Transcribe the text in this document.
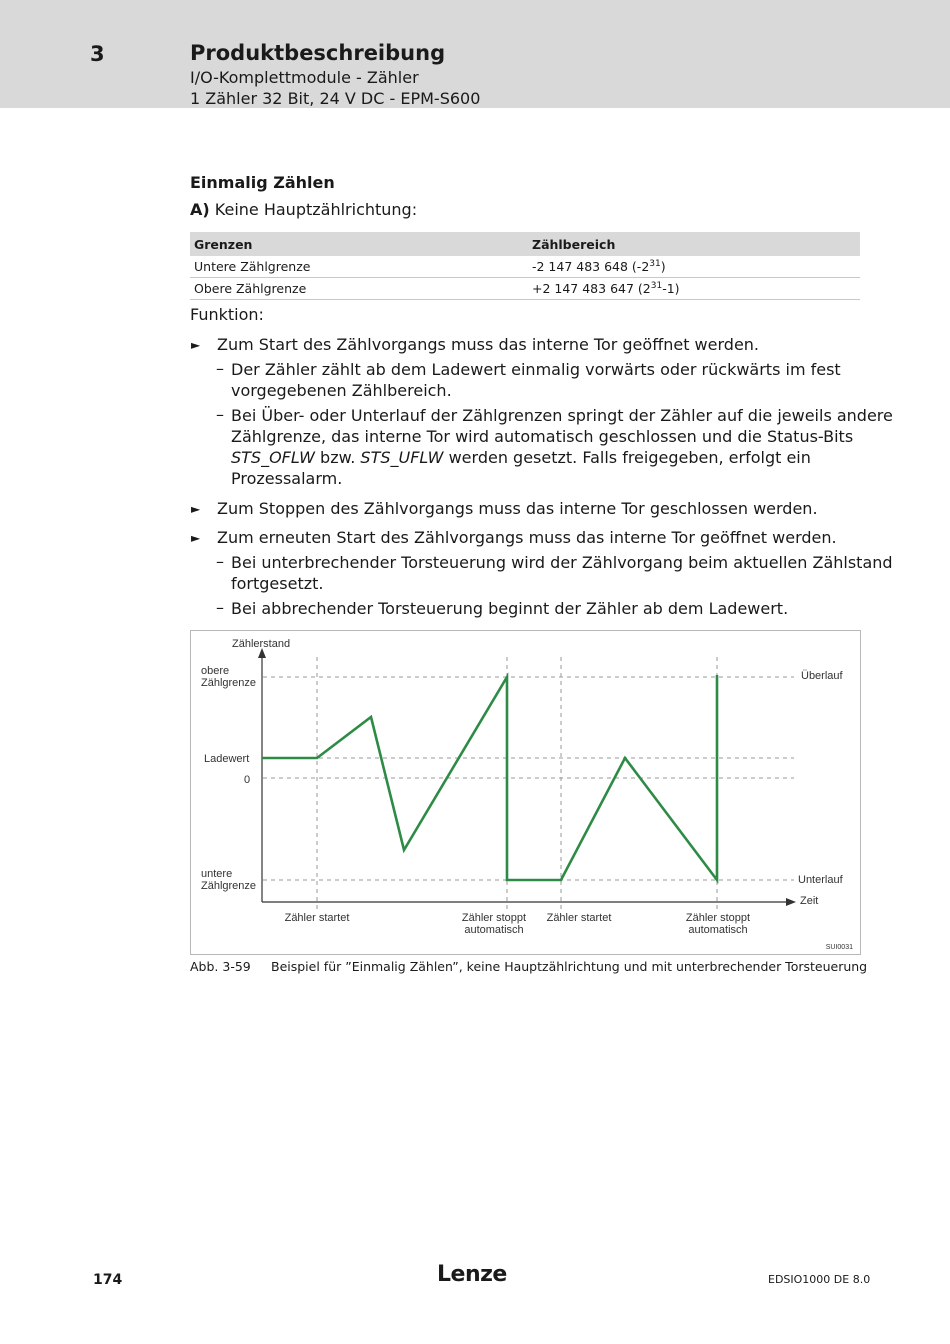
3	Produktbeschreibung
I/O-Komplettmodule - Zähler
1 Zähler 32 Bit, 24 V DC - EPM-S600
Einmalig Zählen
A) Keine Hauptzählrichtung:
Grenzen	Zählbereich
Untere Zählgrenze	-2 147 483 648 $(-2^{31})$
Obere Zählgrenze	+2 147 483 647 $(2^{31}-1)$
Funktion:
► Zum Start des Zählvorgangs muss das interne Tor geöffnet werden.
– Der Zähler zählt ab dem Ladewert einmalig vorwärts oder rückwärts im fest
vorgegebenen Zählbereich.
– Bei Über- oder Unterlauf der Zählgrenzen springt der Zähler auf die jeweils andere
Zählgrenze, das interne Tor wird automatisch geschlossen und die Status-Bits
STS_OFLW bzw. STS_UFLW werden gesetzt. Falls freigegeben, erfolgt ein
Prozessalarm.
► Zum Stoppen des Zählvorgangs muss das interne Tor geschlossen werden.
► Zum erneuten Start des Zählvorgangs muss das interne Tor geöffnet werden.
– Bei unterbrechender Torsteuerung wird der Zählvorgang beim aktuellen Zählstand
fortgesetzt.
– Bei abbrechender Torsteuerung beginnt der Zähler ab dem Ladewert.
Zählerstand
obere
Zählgrenze
Ladewert
0
untere
Zählgrenze
Überlauf
Unterlauf
Zeit
Zähler startet	Zähler stoppt
automatisch
Zähler startet	Zähler stoppt
automatisch
SUI0031
Abb. 3-59 Beispiel für ”Einmalig Zählen”, keine Hauptzählrichtung und mit unterbrechender Torsteuerung
174	Lenze	EDSIO1000 DE 8.0
